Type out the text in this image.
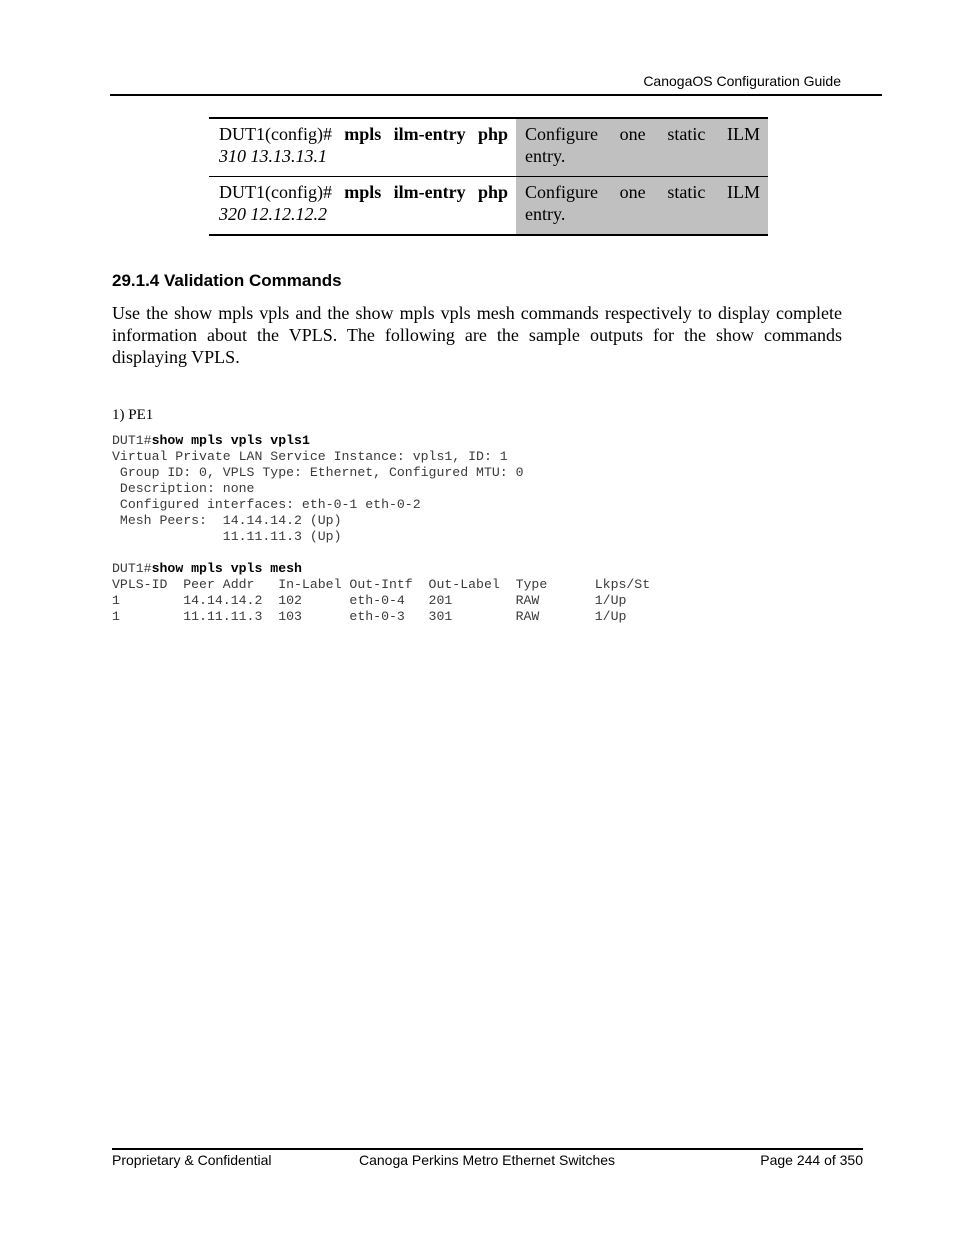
CanogaOS Configuration Guide
DUT1(config)# mpls ilm-entry php
310 13.13.13.1	Configure one static ILM
entry.

DUT1(config)# mpls ilm-entry php
320 12.12.12.2	Configure one static ILM
entry.
29.1.4 Validation Commands

Use the show mpls vpls and the show mpls vpls mesh commands respectively to display complete information about the VPLS. The following are the sample outputs for the show commands displaying VPLS.

1) PE1

DUT1#show mpls vpls vpls1
Virtual Private LAN Service Instance: vpls1, ID: 1
Group ID: 0, VPLS Type: Ethernet, Configured MTU: 0
Description: none
Configured interfaces: eth-0-1 eth-0-2
Mesh Peers:  14.14.14.2 (Up)
11.11.11.3 (Up)
DUT1#show mpls vpls mesh
VPLS-ID  Peer Addr   In-Label Out-Intf  Out-Label  Type      Lkps/St
1        14.14.14.2  102      eth-0-4   201        RAW       1/Up
1        11.11.11.3  103      eth-0-3   301        RAW       1/Up
Proprietary & Confidential	Canoga Perkins Metro Ethernet Switches	Page 244 of 350
